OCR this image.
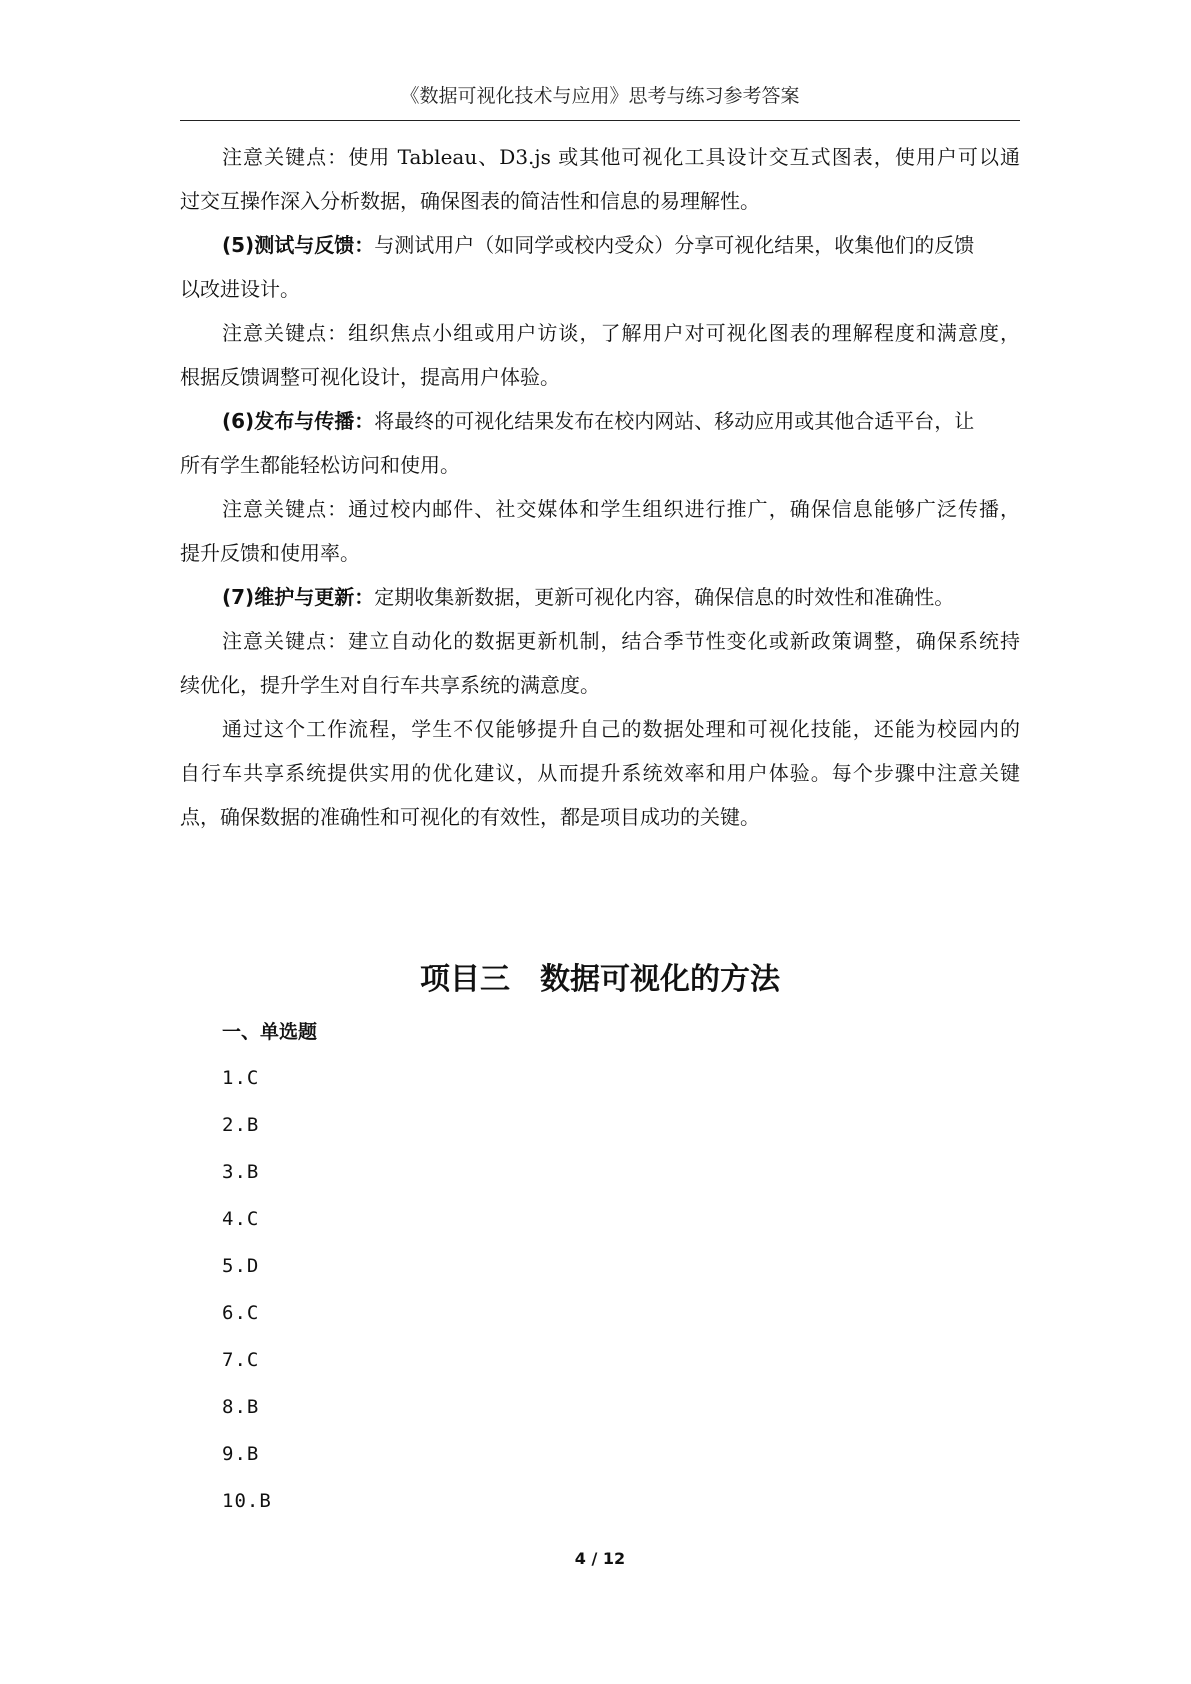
《数据可视化技术与应用》思考与练习参考答案
注意关键点：使用 Tableau、D3.js 或其他可视化工具设计交互式图表，使用户可以通
过交互操作深入分析数据，确保图表的简洁性和信息的易理解性。
(5)测试与反馈：与测试用户（如同学或校内受众）分享可视化结果，收集他们的反馈
以改进设计。
注意关键点：组织焦点小组或用户访谈，了解用户对可视化图表的理解程度和满意度，
根据反馈调整可视化设计，提高用户体验。
(6)发布与传播：将最终的可视化结果发布在校内网站、移动应用或其他合适平台，让
所有学生都能轻松访问和使用。
注意关键点：通过校内邮件、社交媒体和学生组织进行推广，确保信息能够广泛传播，
提升反馈和使用率。
(7)维护与更新：定期收集新数据，更新可视化内容，确保信息的时效性和准确性。
注意关键点：建立自动化的数据更新机制，结合季节性变化或新政策调整，确保系统持
续优化，提升学生对自行车共享系统的满意度。
通过这个工作流程，学生不仅能够提升自己的数据处理和可视化技能，还能为校园内的
自行车共享系统提供实用的优化建议，从而提升系统效率和用户体验。每个步骤中注意关键
点，确保数据的准确性和可视化的有效性，都是项目成功的关键。
项目三　数据可视化的方法
一、单选题
1.C
2.B
3.B
4.C
5.D
6.C
7.C
8.B
9.B
10.B
4 / 12
